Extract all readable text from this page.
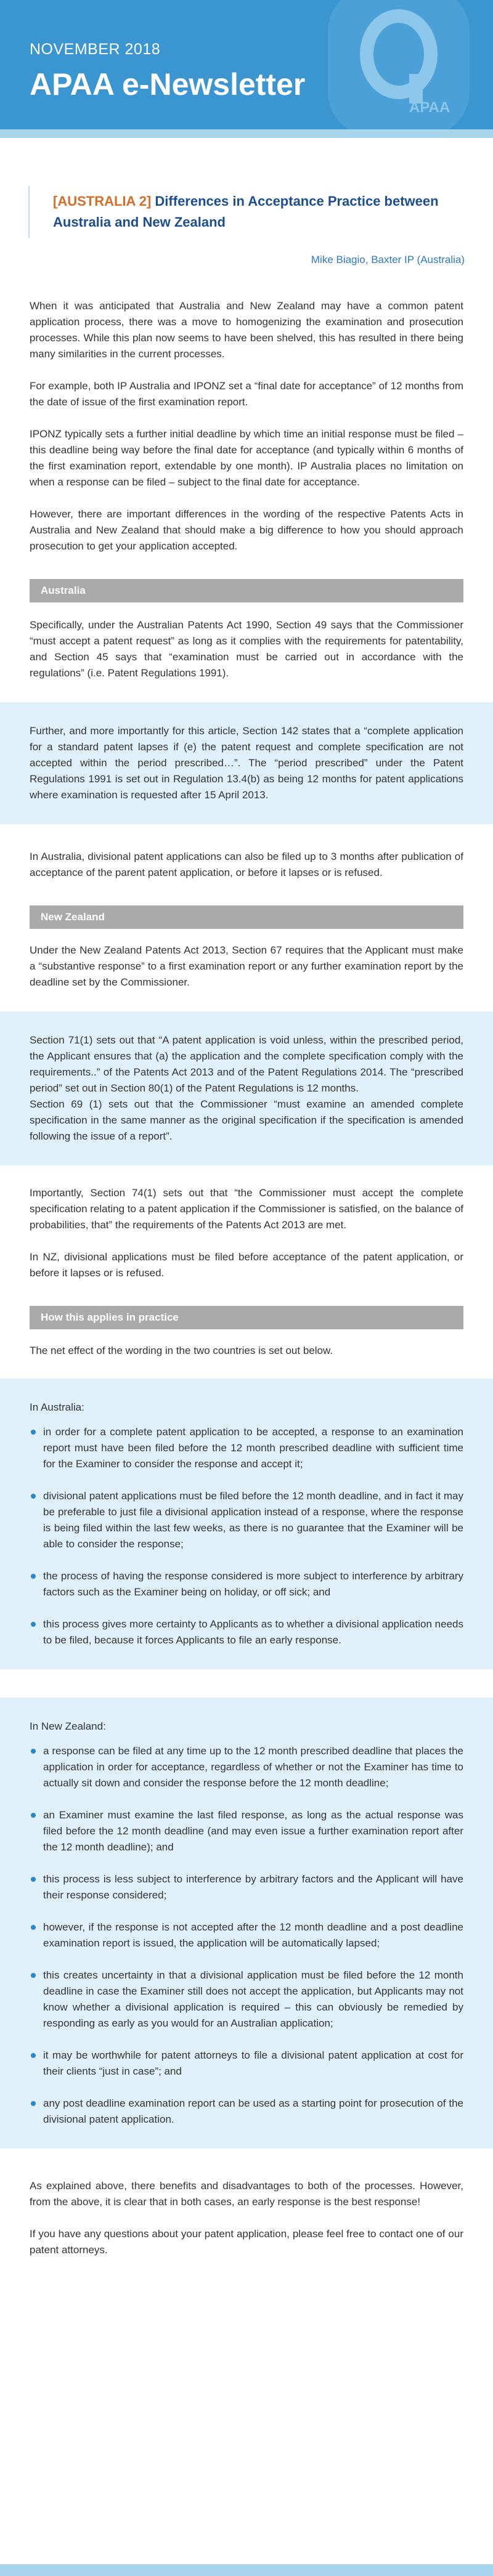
NOVEMBER 2018
APAA e-Newsletter
APAA
[AUSTRALIA 2] Differences in Acceptance Practice between Australia and New Zealand
Mike Biagio, Baxter IP (Australia)

When it was anticipated that Australia and New Zealand may have a common patent application process, there was a move to homogenizing the examination and prosecution processes. While this plan now seems to have been shelved, this has resulted in there being many similarities in the current processes.

For example, both IP Australia and IPONZ set a “final date for acceptance” of 12 months from the date of issue of the first examination report.

IPONZ typically sets a further initial deadline by which time an initial response must be filed – this deadline being way before the final date for acceptance (and typically within 6 months of the first examination report, extendable by one month). IP Australia places no limitation on when a response can be filed – subject to the final date for acceptance.

However, there are important differences in the wording of the respective Patents Acts in Australia and New Zealand that should make a big difference to how you should approach prosecution to get your application accepted.

Australia

Specifically, under the Australian Patents Act 1990, Section 49 says that the Commissioner “must accept a patent request” as long as it complies with the requirements for patentability, and Section 45 says that “examination must be carried out in accordance with the regulations” (i.e. Patent Regulations 1991).

Further, and more importantly for this article, Section 142 states that a “complete application for a standard patent lapses if (e) the patent request and complete specification are not accepted within the period prescribed…”. The “period prescribed” under the Patent Regulations 1991 is set out in Regulation 13.4(b) as being 12 months for patent applications where examination is requested after 15 April 2013.

In Australia, divisional patent applications can also be filed up to 3 months after publication of acceptance of the parent patent application, or before it lapses or is refused.

New Zealand

Under the New Zealand Patents Act 2013, Section 67 requires that the Applicant must make a “substantive response” to a first examination report or any further examination report by the deadline set by the Commissioner.

Section 71(1) sets out that “A patent application is void unless, within the prescribed period, the Applicant ensures that (a) the application and the complete specification comply with the requirements..” of the Patents Act 2013 and of the Patent Regulations 2014. The “prescribed period” set out in Section 80(1) of the Patent Regulations is 12 months.

Section 69 (1) sets out that the Commissioner “must examine an amended complete specification in the same manner as the original specification if the specification is amended following the issue of a report”.

Importantly, Section 74(1) sets out that “the Commissioner must accept the complete specification relating to a patent application if the Commissioner is satisfied, on the balance of probabilities, that” the requirements of the Patents Act 2013 are met.

In NZ, divisional applications must be filed before acceptance of the patent application, or before it lapses or is refused.

How this applies in practice

The net effect of the wording in the two countries is set out below.

In Australia:

in order for a complete patent application to be accepted, a response to an examination report must have been filed before the 12 month prescribed deadline with sufficient time for the Examiner to consider the response and accept it;
divisional patent applications must be filed before the 12 month deadline, and in fact it may be preferable to just file a divisional application instead of a response, where the response is being filed within the last few weeks, as there is no guarantee that the Examiner will be able to consider the response;
the process of having the response considered is more subject to interference by arbitrary factors such as the Examiner being on holiday, or off sick; and
this process gives more certainty to Applicants as to whether a divisional application needs to be filed, because it forces Applicants to file an early response.

In New Zealand:

a response can be filed at any time up to the 12 month prescribed deadline that places the application in order for acceptance, regardless of whether or not the Examiner has time to actually sit down and consider the response before the 12 month deadline;
an Examiner must examine the last filed response, as long as the actual response was filed before the 12 month deadline (and may even issue a further examination report after the 12 month deadline); and
this process is less subject to interference by arbitrary factors and the Applicant will have their response considered;
however, if the response is not accepted after the 12 month deadline and a post deadline examination report is issued, the application will be automatically lapsed;
this creates uncertainty in that a divisional application must be filed before the 12 month deadline in case the Examiner still does not accept the application, but Applicants may not know whether a divisional application is required – this can obviously be remedied by responding as early as you would for an Australian application;
it may be worthwhile for patent attorneys to file a divisional patent application at cost for their clients “just in case”; and
any post deadline examination report can be used as a starting point for prosecution of the divisional patent application.

As explained above, there benefits and disadvantages to both of the processes. However, from the above, it is clear that in both cases, an early response is the best response!

If you have any questions about your patent application, please feel free to contact one of our patent attorneys.
